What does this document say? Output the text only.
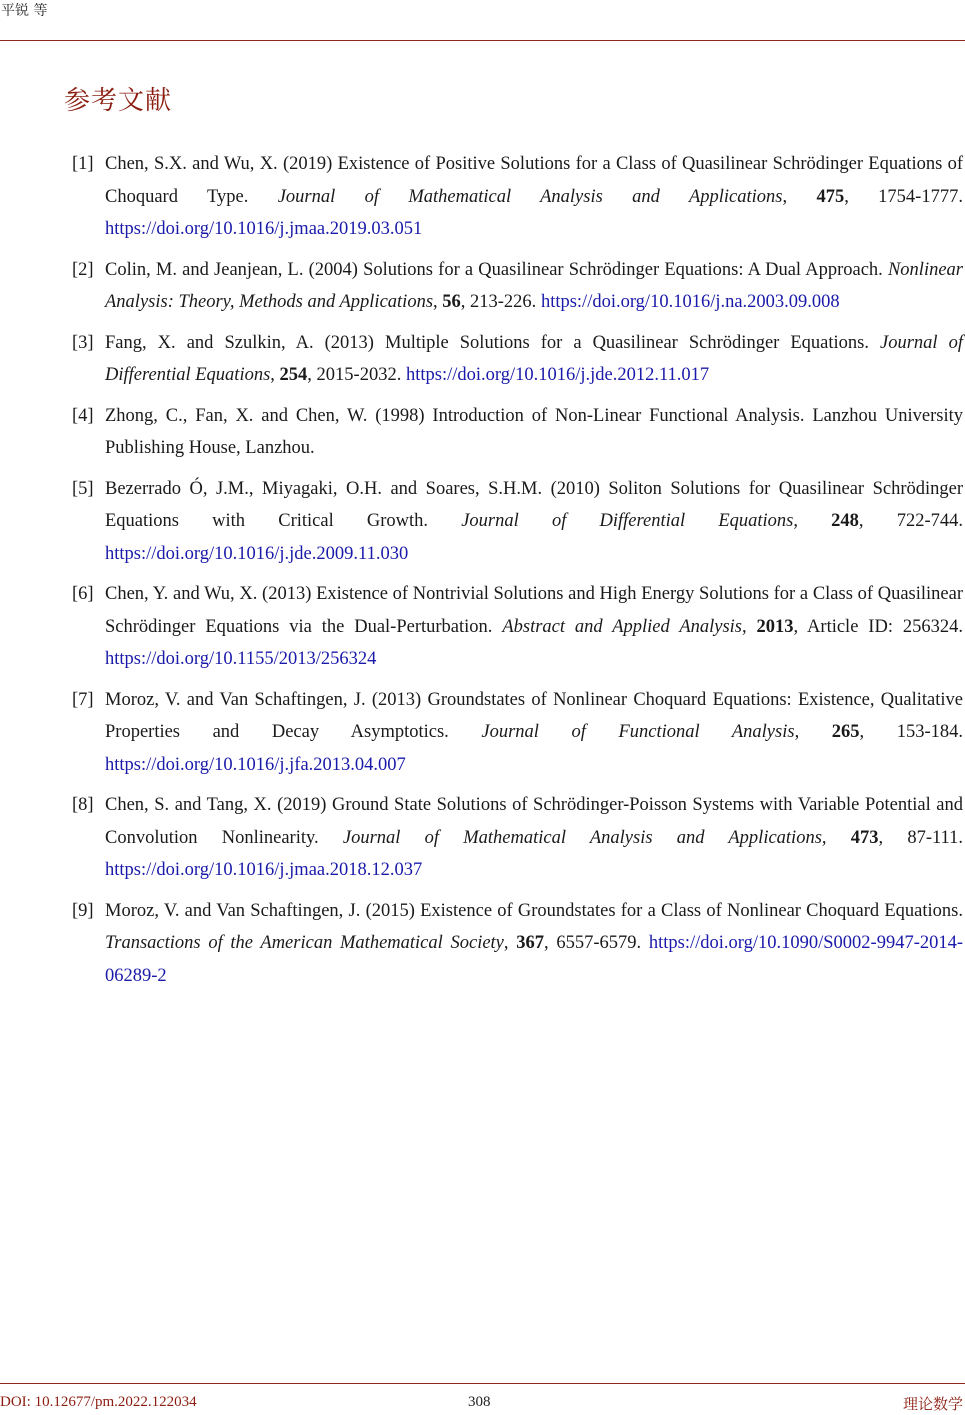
平锐 等
参考文献
[1] Chen, S.X. and Wu, X. (2019) Existence of Positive Solutions for a Class of Quasilinear Schrödinger Equations of Choquard Type. Journal of Mathematical Analysis and Applications, 475, 1754-1777. https://doi.org/10.1016/j.jmaa.2019.03.051
[2] Colin, M. and Jeanjean, L. (2004) Solutions for a Quasilinear Schrödinger Equations: A Dual Approach. Nonlinear Analysis: Theory, Methods and Applications, 56, 213-226. https://doi.org/10.1016/j.na.2003.09.008
[3] Fang, X. and Szulkin, A. (2013) Multiple Solutions for a Quasilinear Schrödinger Equations. Journal of Differential Equations, 254, 2015-2032. https://doi.org/10.1016/j.jde.2012.11.017
[4] Zhong, C., Fan, X. and Chen, W. (1998) Introduction of Non-Linear Functional Analysis. Lanzhou University Publishing House, Lanzhou.
[5] Bezerrado Ó, J.M., Miyagaki, O.H. and Soares, S.H.M. (2010) Soliton Solutions for Quasilinear Schrödinger Equations with Critical Growth. Journal of Differential Equations, 248, 722-744. https://doi.org/10.1016/j.jde.2009.11.030
[6] Chen, Y. and Wu, X. (2013) Existence of Nontrivial Solutions and High Energy Solutions for a Class of Quasilinear Schrödinger Equations via the Dual-Perturbation. Abstract and Applied Analysis, 2013, Article ID: 256324. https://doi.org/10.1155/2013/256324
[7] Moroz, V. and Van Schaftingen, J. (2013) Groundstates of Nonlinear Choquard Equations: Existence, Qualitative Properties and Decay Asymptotics. Journal of Functional Analysis, 265, 153-184. https://doi.org/10.1016/j.jfa.2013.04.007
[8] Chen, S. and Tang, X. (2019) Ground State Solutions of Schrödinger-Poisson Systems with Variable Potential and Convolution Nonlinearity. Journal of Mathematical Analysis and Applications, 473, 87-111. https://doi.org/10.1016/j.jmaa.2018.12.037
[9] Moroz, V. and Van Schaftingen, J. (2015) Existence of Groundstates for a Class of Nonlinear Choquard Equations. Transactions of the American Mathematical Society, 367, 6557-6579. https://doi.org/10.1090/S0002-9947-2014-06289-2
DOI: 10.12677/pm.2022.122034	308	理论数学
